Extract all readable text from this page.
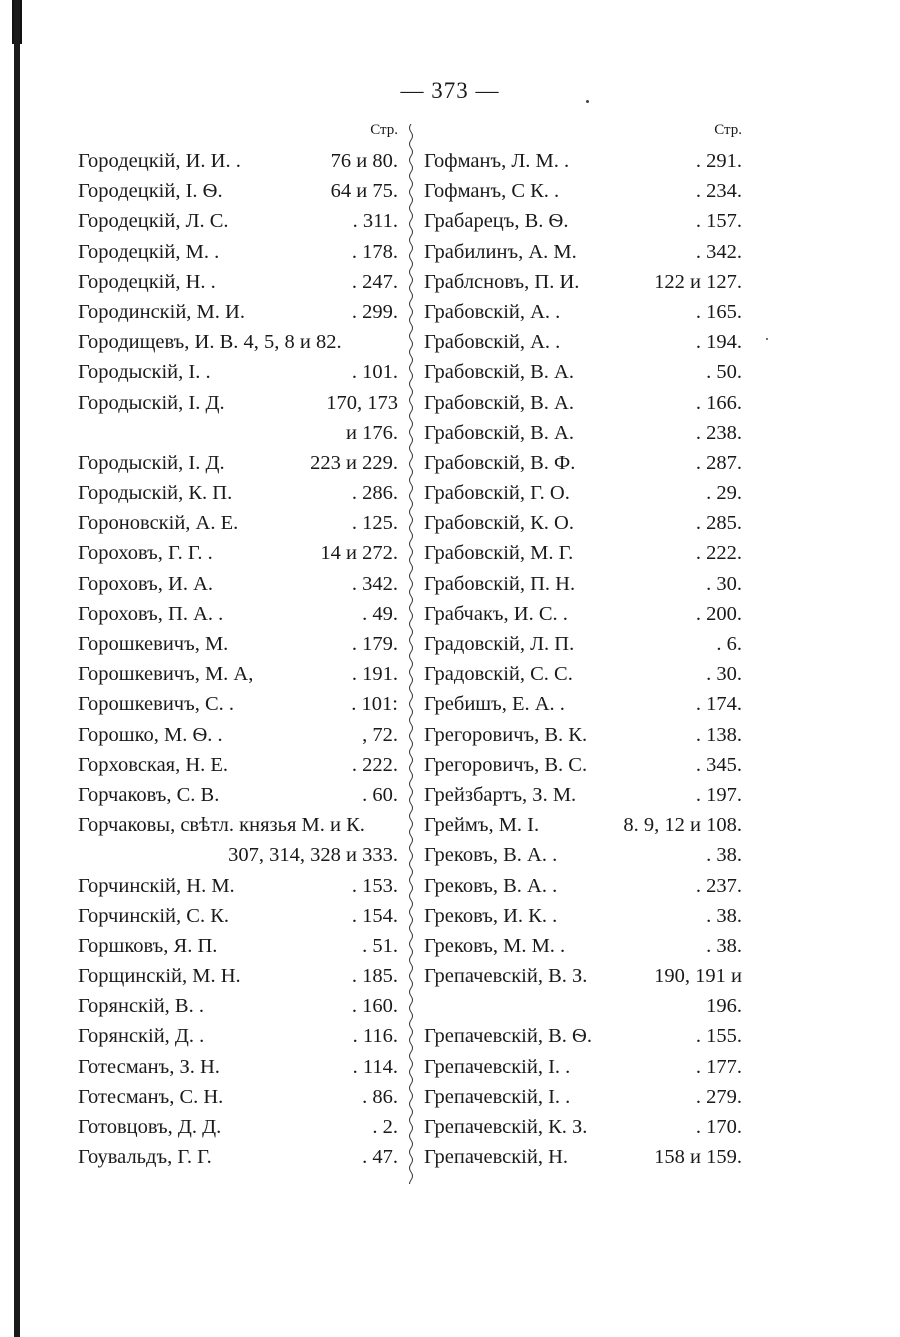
— 373 —
Стр.
Городецкій, И. И. .	76 и 80.
Городецкій, І. Ѳ.	64 и 75.
Городецкій, Л. С.	. 311.
Городецкій, М. .	. 178.
Городецкій, Н. .	. 247.
Городинскій, М. И.	. 299.
Городищевъ, И. В. 4, 5, 8 и 82.
Городыскій, І. .	. 101.
Городыскій, І. Д.	170, 173
и 176.
Городыскій, І. Д.	223 и 229.
Городыскій, К. П.	. 286.
Гороновскій, А. Е.	. 125.
Гороховъ, Г. Г. .	14 и 272.
Гороховъ, И. А.	. 342.
Гороховъ, П. А. .	. 49.
Горошкевичъ, М.	. 179.
Горошкевичъ, М. А,	. 191.
Горошкевичъ, С. .	. 101:
Горошко, М. Ѳ. .	, 72.
Горховская, Н. Е.	. 222.
Горчаковъ, С. В.	. 60.
Горчаковы, свѣтл. князья М. и К.
307, 314, 328 и 333.
Горчинскій, Н. М.	. 153.
Горчинскій, С. К.	. 154.
Горшковъ, Я. П.	. 51.
Горщинскій, М. Н.	. 185.
Горянскій, В. .	. 160.
Горянскій, Д. .	. 116.
Готесманъ, З. Н.	. 114.
Готесманъ, С. Н.	. 86.
Готовцовъ, Д. Д.	. 2.
Гоувальдъ, Г. Г.	. 47.
Стр.
Гофманъ, Л. М. .	. 291.
Гофманъ, С К. .	. 234.
Грабарецъ, В. Ѳ.	. 157.
Грабилинъ, А. М.	. 342.
Граблсновъ, П. И.	122 и 127.
Грабовскій, А. .	. 165.
Грабовскій, А. .	. 194.
Грабовскій, В. А.	. 50.
Грабовскій, В. А.	. 166.
Грабовскій, В. А.	. 238.
Грабовскій, В. Ф.	. 287.
Грабовскій, Г. О.	. 29.
Грабовскій, К. О.	. 285.
Грабовскій, М. Г.	. 222.
Грабовскій, П. Н.	. 30.
Грабчакъ, И. С. .	. 200.
Градовскій, Л. П.	. 6.
Градовскій, С. С.	. 30.
Гребишъ, Е. А. .	. 174.
Грегоровичъ, В. К.	. 138.
Грегоровичъ, В. С.	. 345.
Грейзбартъ, З. М.	. 197.
Греймъ, М. І.	8. 9, 12 и 108.
Грековъ, В. А. .	. 38.
Грековъ, В. А. .	. 237.
Грековъ, И. К. .	. 38.
Грековъ, М. М. .	. 38.
Грепачевскій, В. З.	190, 191 и
196.
Грепачевскій, В. Ѳ.	. 155.
Грепачевскій, І. .	. 177.
Грепачевскій, І. .	. 279.
Грепачевскій, К. З.	. 170.
Грепачевскій, Н.	158 и 159.
